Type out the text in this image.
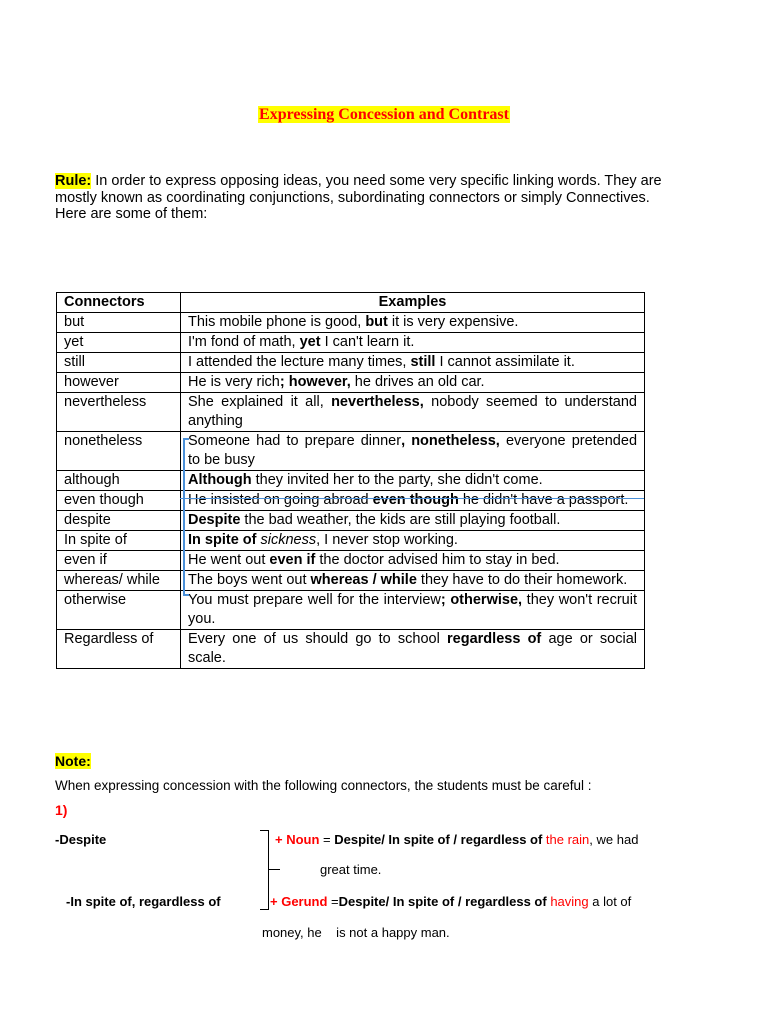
Expressing Concession and Contrast
Rule: In order to express opposing ideas, you need some very specific linking words. They are mostly known as coordinating conjunctions, subordinating connectors or simply Connectives. Here are some of them:
Connectors	Examples
but	This mobile phone is good, but it is very expensive.
yet	I'm fond of math, yet I can't learn it.
still	I attended the lecture many times, still I cannot assimilate it.
however	He is very rich; however, he drives an old car.
nevertheless	She explained it all, nevertheless, nobody seemed to understand anything
nonetheless	Someone had to prepare dinner, nonetheless, everyone pretended to be busy
although	Although they invited her to the party, she didn't come.
even though	He insisted on going abroad even though he didn't have a passport.
despite	Despite the bad weather, the kids are still playing football.
In spite of	In spite of sickness, I never stop working.
even if	He went out even if the doctor advised him to stay in bed.
whereas/ while	The boys went out whereas / while they have to do their homework.
otherwise	You must prepare well for the interview; otherwise, they won't recruit you.
Regardless of	Every one of us should go to school regardless of age or social scale.
Note:
When expressing concession with the following connectors, the students must be careful :
1)
-Despite
-In spite of, regardless of
+ Noun = Despite/ In spite of / regardless of the rain, we had
great time.
+ Gerund =Despite/ In spite of / regardless of having a lot of
money, he    is not a happy man.
